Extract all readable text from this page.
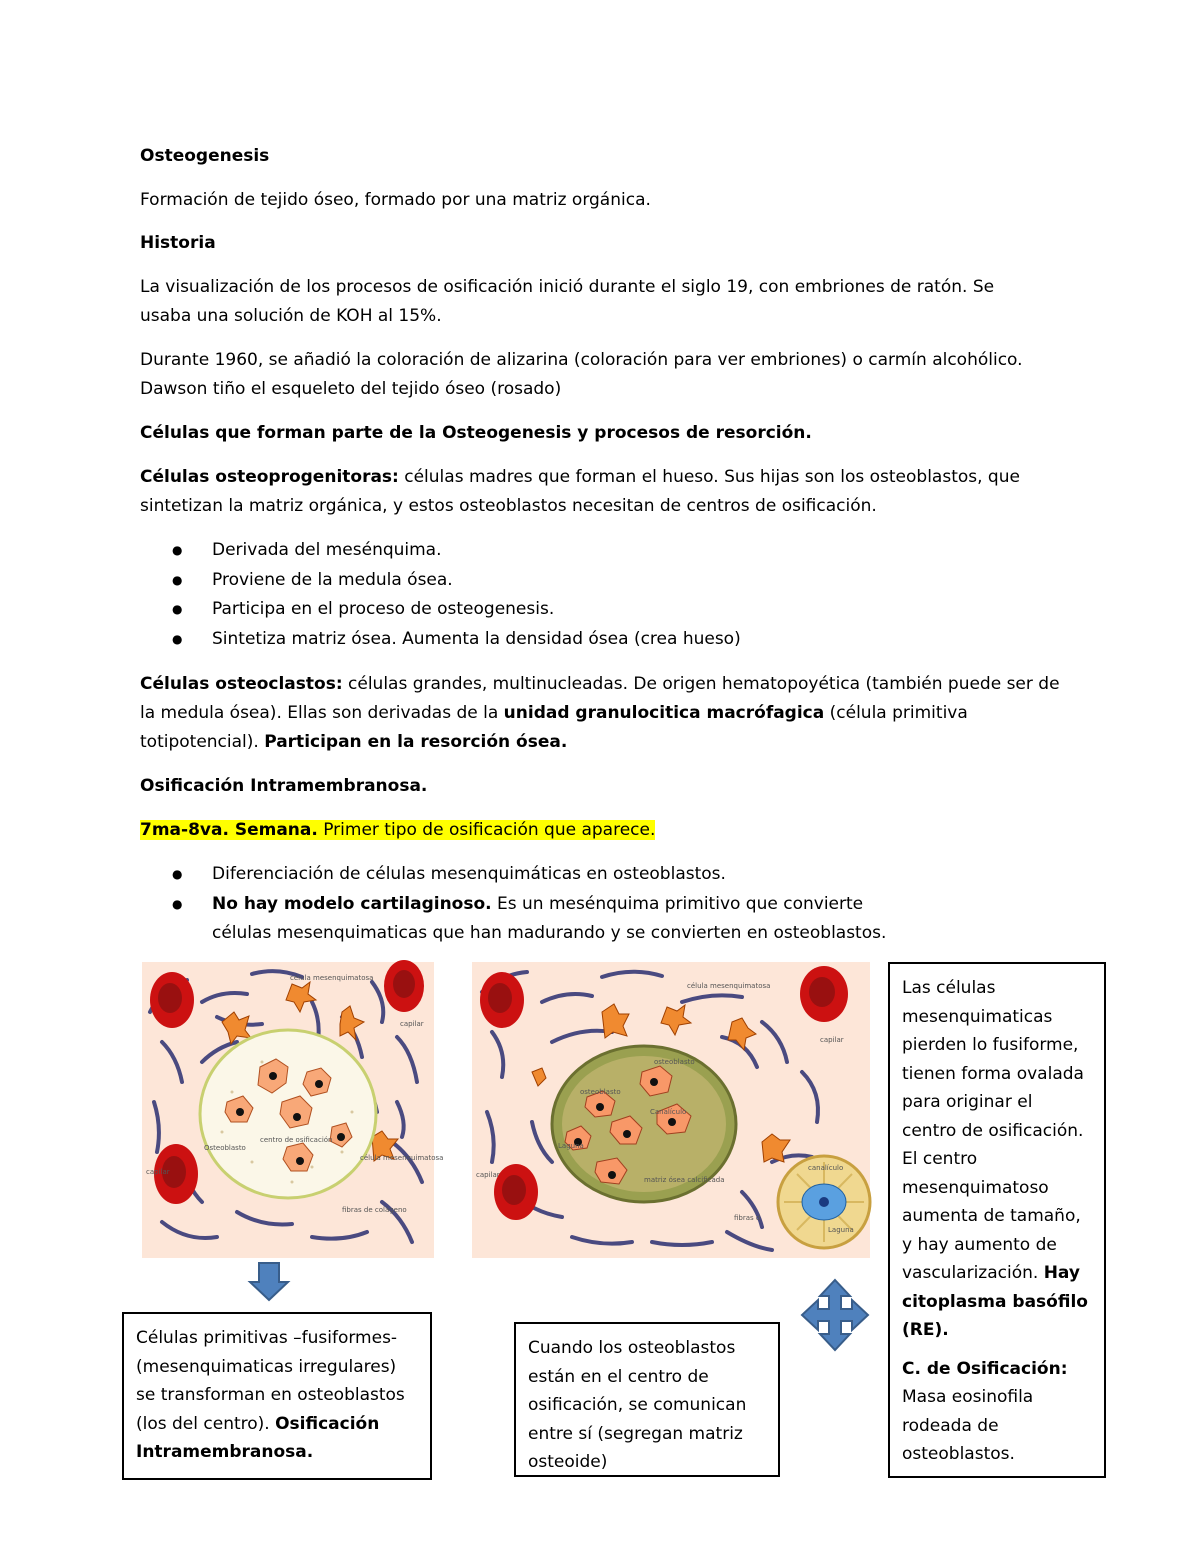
Osteogenesis

Formación de tejido óseo, formado por una matriz orgánica.

Historia

La visualización de los procesos de osificación inició durante el siglo 19, con embriones de ratón. Se usaba una solución de KOH al 15%.

Durante 1960, se añadió la coloración de alizarina (coloración para ver embriones) o carmín alcohólico. Dawson tiño el esqueleto del tejido óseo (rosado)

Células que forman parte de la Osteogenesis y procesos de resorción.

Células osteoprogenitoras: células madres que forman el hueso. Sus hijas son los osteoblastos, que sintetizan la matriz orgánica, y estos osteoblastos necesitan de centros de osificación.

● Derivada del mesénquima.
● Proviene de la medula ósea.
● Participa en el proceso de osteogenesis.
● Sintetiza matriz ósea. Aumenta la densidad ósea (crea hueso)

Células osteoclastos: células grandes, multinucleadas. De origen hematopoyética (también puede ser de la medula ósea). Ellas son derivadas de la unidad granulocitica macrófagica (célula primitiva totipotencial). Participan en la resorción ósea.

Osificación Intramembranosa.

7ma-8va. Semana. Primer tipo de osificación que aparece.

● Diferenciación de células mesenquimáticas en osteoblastos.
● No hay modelo cartilaginoso. Es un mesénquima primitivo que convierte células mesenquimaticas que han madurando y se convierten en osteoblastos.
célula mesenquimatosa
capilar
Osteoblasto
centro de osificación
célula mesenquimatosa
capilar
fibras de colágeno
célula mesenquimatosa
capilar
osteoblasto
osteoblasto
Canalículo
Laguna
matriz ósea calcificada
capilar
fibras d
canalículo
Laguna

Células primitivas –fusiformes- (mesenquimaticas irregulares) se transforman en osteoblastos (los del centro). Osificación Intramembranosa.

Cuando los osteoblastos están en el centro de osificación, se comunican entre sí (segregan matriz osteoide)

Las células mesenquimaticas pierden lo fusiforme, tienen forma ovalada para originar el centro de osificación. El centro mesenquimatoso aumenta de tamaño, y hay aumento de vascularización. Hay citoplasma basófilo (RE).

C. de Osificación: Masa eosinofila rodeada de osteoblastos.
